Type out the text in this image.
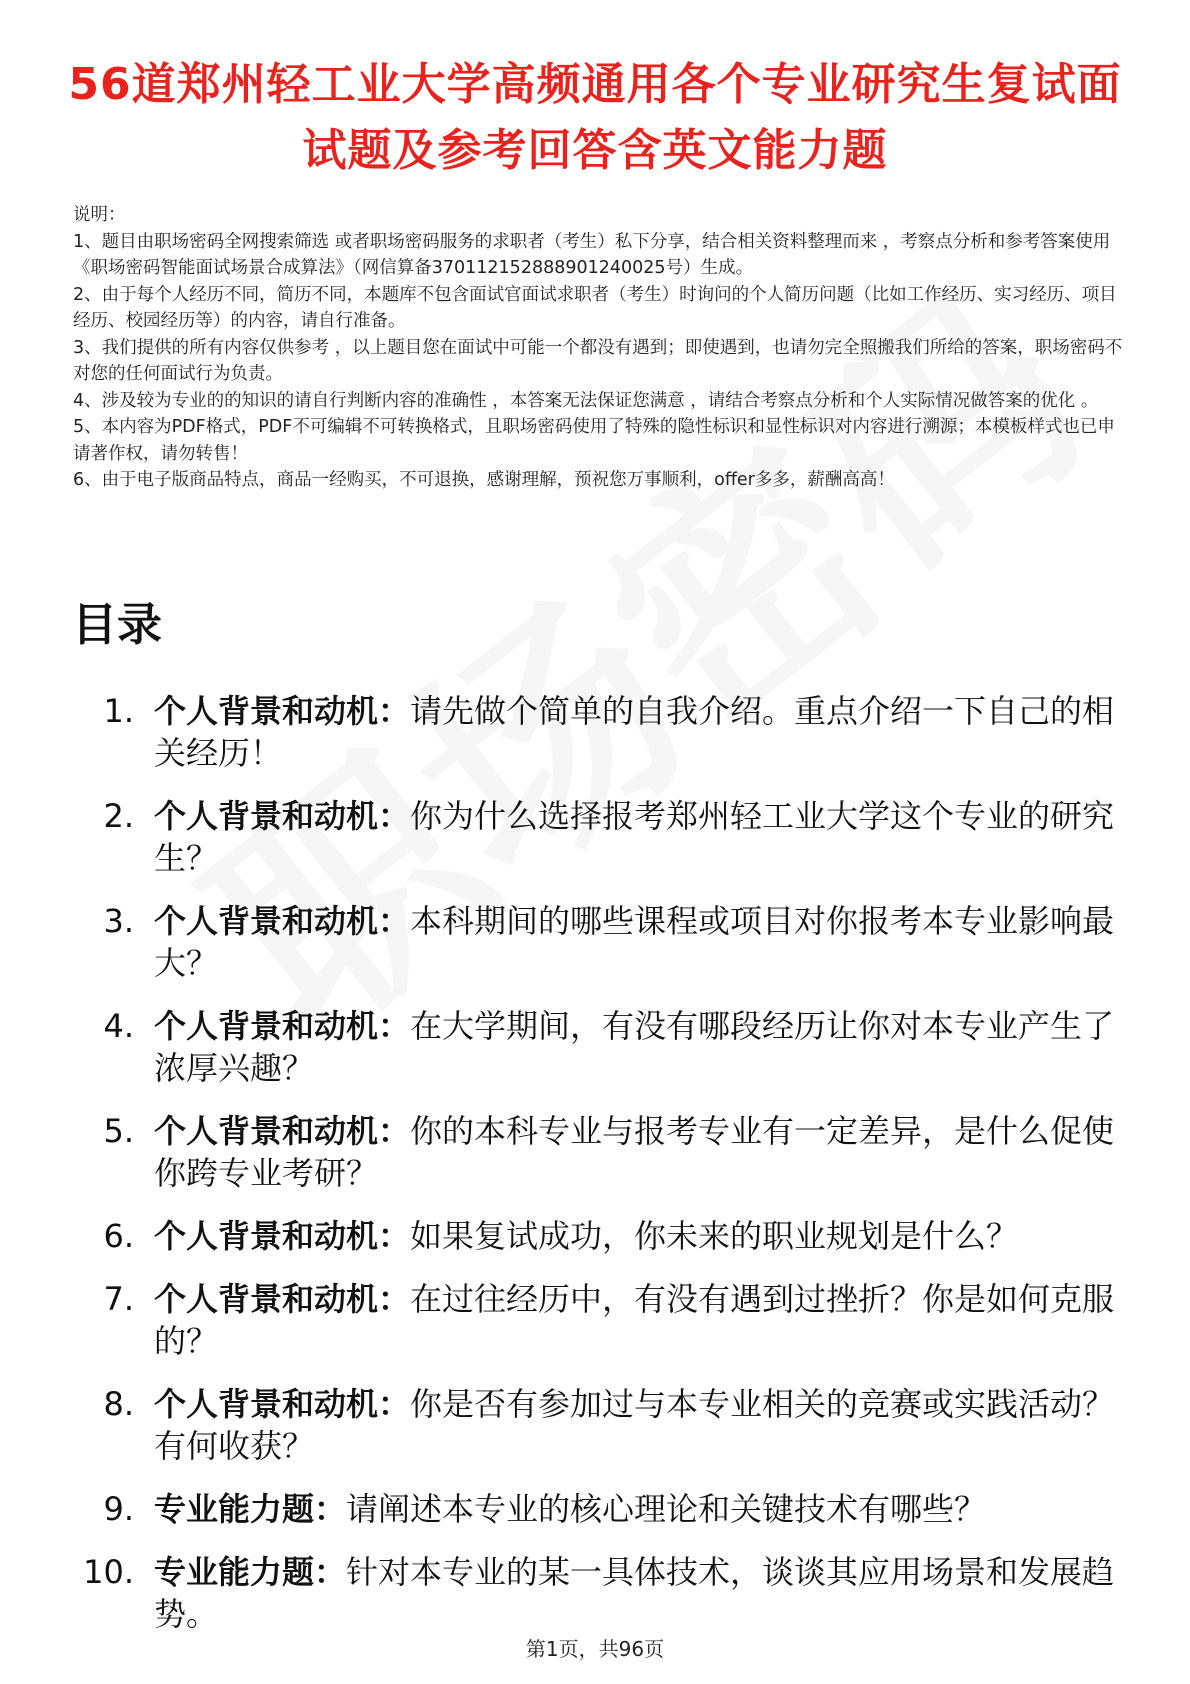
56道郑州轻工业大学高频通用各个专业研究生复试面试题及参考回答含英文能力题

说明：

1、题目由职场密码全网搜索筛选 或者职场密码服务的求职者（考生）私下分享，结合相关资料整理而来 ，考察点分析和参考答案使用《职场密码智能面试场景合成算法》（网信算备370112152888901240025号）生成。

2、由于每个人经历不同，简历不同，本题库不包含面试官面试求职者（考生）时询问的个人简历问题（比如工作经历、实习经历、项目经历、校园经历等）的内容，请自行准备。

3、我们提供的所有内容仅供参考 ，以上题目您在面试中可能一个都没有遇到；即使遇到，也请勿完全照搬我们所给的答案，职场密码不对您的任何面试行为负责。

4、涉及较为专业的的知识的请自行判断内容的准确性 ，本答案无法保证您满意 ，请结合考察点分析和个人实际情况做答案的优化 。

5、本内容为PDF格式，PDF不可编辑不可转换格式，且职场密码使用了特殊的隐性标识和显性标识对内容进行溯源；本模板样式也已申请著作权，请勿转售！

6、由于电子版商品特点，商品一经购买，不可退换，感谢理解，预祝您万事顺利，offer多多，薪酬高高！

目录
1. 个人背景和动机：请先做个简单的自我介绍。重点介绍一下自己的相关经历！
2. 个人背景和动机：你为什么选择报考郑州轻工业大学这个专业的研究生？
3. 个人背景和动机：本科期间的哪些课程或项目对你报考本专业影响最大？
4. 个人背景和动机：在大学期间，有没有哪段经历让你对本专业产生了浓厚兴趣？
5. 个人背景和动机：你的本科专业与报考专业有一定差异，是什么促使你跨专业考研？
6. 个人背景和动机：如果复试成功，你未来的职业规划是什么？
7. 个人背景和动机：在过往经历中，有没有遇到过挫折？你是如何克服的？
8. 个人背景和动机：你是否有参加过与本专业相关的竞赛或实践活动？有何收获？
9. 专业能力题：请阐述本专业的核心理论和关键技术有哪些？
10. 专业能力题：针对本专业的某一具体技术，谈谈其应用场景和发展趋势。
第1页，共96页
